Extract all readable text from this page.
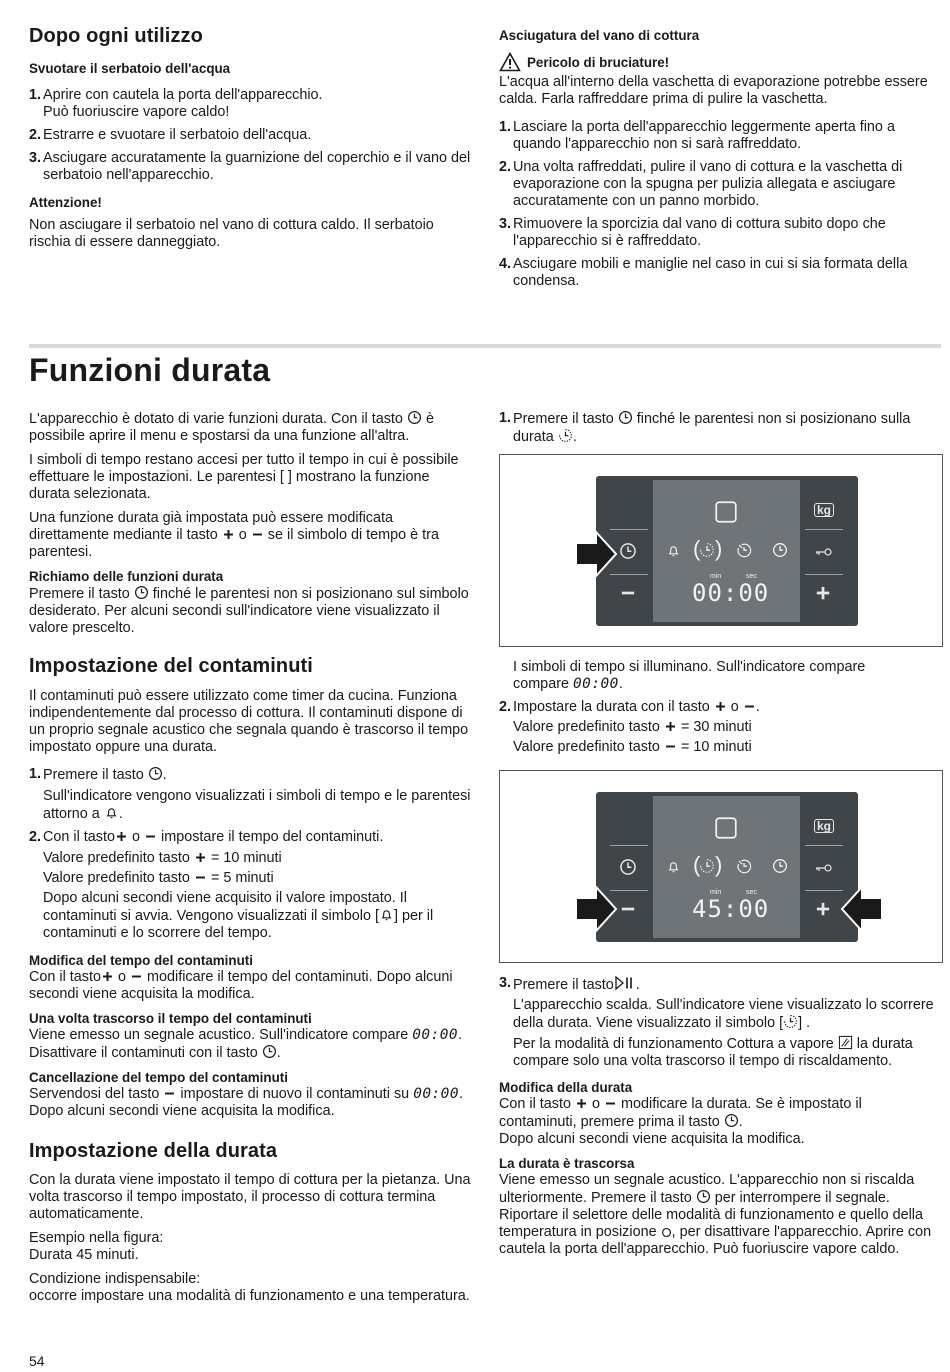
Dopo ogni utilizzo
Svuotare il serbatoio dell'acqua
1. Aprire con cautela la porta dell'apparecchio.

Può fuoriuscire vapore caldo!

2. Estrarre e svuotare il serbatoio dell'acqua.

3. Asciugare accuratamente la guarnizione del coperchio e il vano del serbatoio nell'apparecchio.

Attenzione!

Non asciugare il serbatoio nel vano di cottura caldo. Il serbatoio rischia di essere danneggiato.

Asciugatura del vano di cottura
Pericolo di bruciature!

L'acqua all'interno della vaschetta di evaporazione potrebbe essere calda. Farla raffreddare prima di pulire la vaschetta.

1. Lasciare la porta dell'apparecchio leggermente aperta fino a quando l'apparecchio non si sarà raffreddato.

2. Una volta raffreddati, pulire il vano di cottura e la vaschetta di evaporazione con la spugna per pulizia allegata e asciugare accuratamente con un panno morbido.

3. Rimuovere la sporcizia dal vano di cottura subito dopo che l'apparecchio si è raffreddato.

4. Asciugare mobili e maniglie nel caso in cui si sia formata della condensa.

Funzioni durata

L'apparecchio è dotato di varie funzioni durata. Con il tasto è possibile aprire il menu e spostarsi da una funzione all'altra.

I simboli di tempo restano accesi per tutto il tempo in cui è possibile effettuare le impostazioni. Le parentesi [ ] mostrano la funzione durata selezionata.

Una funzione durata già impostata può essere modificata direttamente mediante il tasto o se il simbolo di tempo è tra parentesi.

Richiamo delle funzioni durata

Premere il tasto finché le parentesi non si posizionano sul simbolo desiderato. Per alcuni secondi sull'indicatore viene visualizzato il valore prescelto.

Impostazione del contaminuti

Il contaminuti può essere utilizzato come timer da cucina. Funziona indipendentemente dal processo di cottura. Il contaminuti dispone di un proprio segnale acustico che segnala quando è trascorso il tempo impostato oppure una durata.

1. Premere il tasto .

Sull'indicatore vengono visualizzati i simboli di tempo e le parentesi attorno a .

2. Con il tasto o impostare il tempo del contaminuti.

Valore predefinito tasto = 10 minuti

Valore predefinito tasto = 5 minuti

Dopo alcuni secondi viene acquisito il valore impostato. Il contaminuti si avvia. Vengono visualizzati il simbolo [ ] per il contaminuti e lo scorrere del tempo.

Modifica del tempo del contaminuti

Con il tasto o modificare il tempo del contaminuti. Dopo alcuni secondi viene acquisita la modifica.

Una volta trascorso il tempo del contaminuti

Viene emesso un segnale acustico. Sull'indicatore compare 00:00. Disattivare il contaminuti con il tasto .

Cancellazione del tempo del contaminuti

Servendosi del tasto impostare di nuovo il contaminuti su 00:00. Dopo alcuni secondi viene acquisita la modifica.

Impostazione della durata

Con la durata viene impostato il tempo di cottura per la pietanza. Una volta trascorso il tempo impostato, il processo di cottura termina automaticamente.

Esempio nella figura:

Durata 45 minuti.

Condizione indispensabile:

occorre impostare una modalità di funzionamento e una temperatura.

1. Premere il tasto finché le parentesi non si posizionano sulla durata .

kg
( )
min	sec
00:00

I simboli di tempo si illuminano. Sull'indicatore compare

compare 00:00.

2. Impostare la durata con il tasto o .

Valore predefinito tasto = 30 minuti

Valore predefinito tasto = 10 minuti

kg
( )
min	sec
45:00
3. Premere il tasto .

L'apparecchio scalda. Sull'indicatore viene visualizzato lo scorrere della durata. Viene visualizzato il simbolo [ ] .

Per la modalità di funzionamento Cottura a vapore la durata compare solo una volta trascorso il tempo di riscaldamento.

Modifica della durata

Con il tasto o modificare la durata. Se è impostato il contaminuti, premere prima il tasto .

Dopo alcuni secondi viene acquisita la modifica.

La durata è trascorsa

Viene emesso un segnale acustico. L'apparecchio non si riscalda ulteriormente. Premere il tasto per interrompere il segnale. Riportare il selettore delle modalità di funzionamento e quello della temperatura in posizione , per disattivare l'apparecchio. Aprire con cautela la porta dell'apparecchio. Può fuoriuscire vapore caldo.

54
